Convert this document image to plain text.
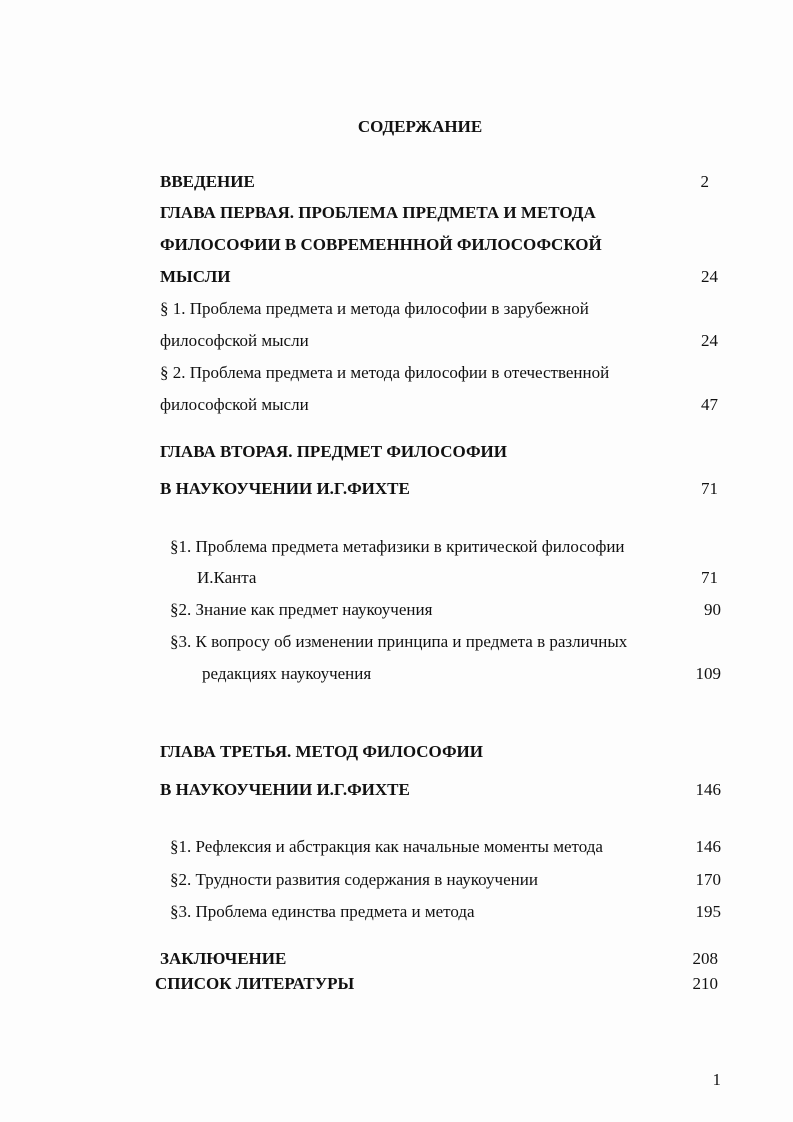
СОДЕРЖАНИЕ
ВВЕДЕНИЕ	2
ГЛАВА ПЕРВАЯ. ПРОБЛЕМА ПРЕДМЕТА И МЕТОДА
ФИЛОСОФИИ В СОВРЕМЕНННОЙ ФИЛОСОФСКОЙ
МЫСЛИ	24
§ 1. Проблема предмета и метода философии в зарубежной
философской мысли	24
§ 2. Проблема предмета и метода философии в отечественной
философской мысли	47
ГЛАВА ВТОРАЯ. ПРЕДМЕТ ФИЛОСОФИИ
В НАУКОУЧЕНИИ И.Г.ФИХТЕ	71
§1. Проблема предмета метафизики в критической философии
И.Канта	71
§2. Знание как предмет наукоучения	90
§3. К вопросу об изменении принципа и предмета в различных
редакциях наукоучения	109
ГЛАВА ТРЕТЬЯ. МЕТОД ФИЛОСОФИИ
В НАУКОУЧЕНИИ И.Г.ФИХТЕ	146
§1. Рефлексия и абстракция как начальные моменты метода	146
§2. Трудности развития содержания в наукоучении	170
§3. Проблема единства предмета и метода	195
ЗАКЛЮЧЕНИЕ	208
СПИСОК ЛИТЕРАТУРЫ	210
1
